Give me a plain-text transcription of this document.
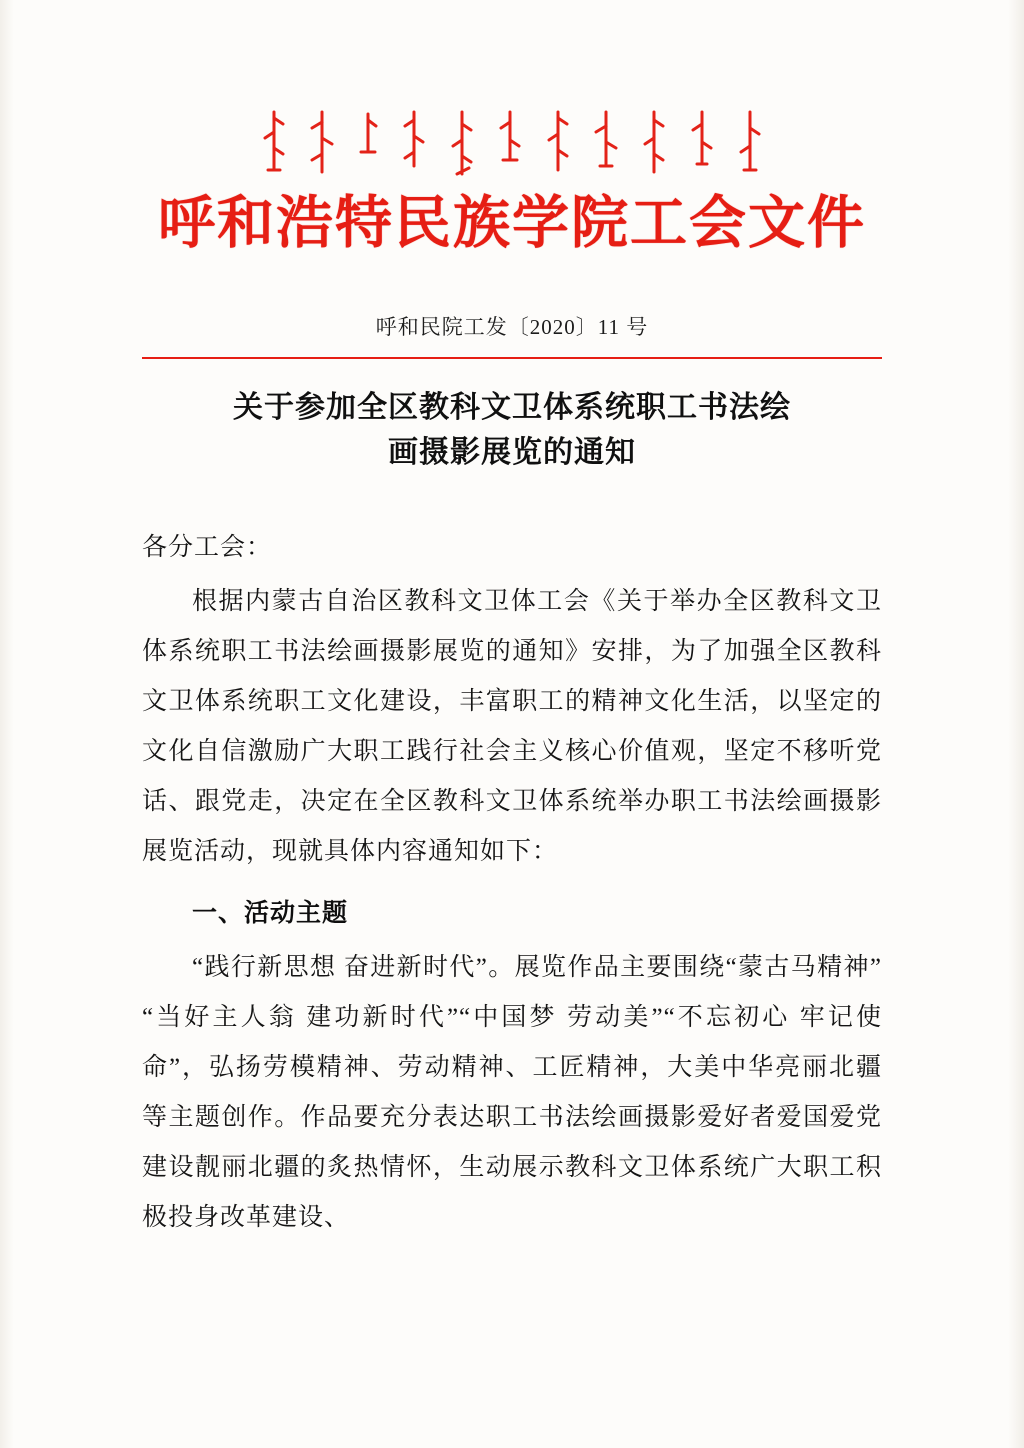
呼和浩特民族学院工会文件
呼和民院工发〔2020〕11 号
关于参加全区教科文卫体系统职工书法绘
画摄影展览的通知
各分工会：
根据内蒙古自治区教科文卫体工会《关于举办全区教科文卫体系统职工书法绘画摄影展览的通知》安排，为了加强全区教科文卫体系统职工文化建设，丰富职工的精神文化生活，以坚定的文化自信激励广大职工践行社会主义核心价值观，坚定不移听党话、跟党走，决定在全区教科文卫体系统举办职工书法绘画摄影展览活动，现就具体内容通知如下：
一、活动主题
“践行新思想 奋进新时代”。展览作品主要围绕“蒙古马精神”“当好主人翁 建功新时代”“中国梦 劳动美”“不忘初心 牢记使命”，弘扬劳模精神、劳动精神、工匠精神，大美中华亮丽北疆等主题创作。作品要充分表达职工书法绘画摄影爱好者爱国爱党建设靓丽北疆的炙热情怀，生动展示教科文卫体系统广大职工积极投身改革建设、
